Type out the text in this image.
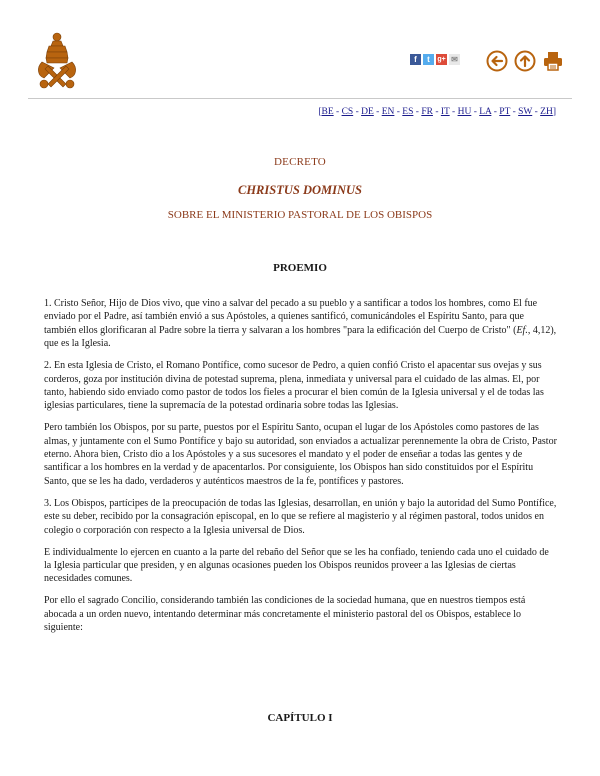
f	t	g+ ✉
[BE - CS - DE - EN - ES - FR - IT - HU - LA - PT - SW - ZH]
DECRETO
CHRISTUS DOMINUS
SOBRE EL MINISTERIO PASTORAL DE LOS OBISPOS
PROEMIO

1. Cristo Señor, Hijo de Dios vivo, que vino a salvar del pecado a su pueblo y a santificar a todos los hombres, como El fue enviado por el Padre, así también envió a sus Apóstoles, a quienes santificó, comunicándoles el Espíritu Santo, para que también ellos glorificaran al Padre sobre la tierra y salvaran a los hombres "para la edificación del Cuerpo de Cristo" (Ef., 4,12), que es la Iglesia.

2. En esta Iglesia de Cristo, el Romano Pontífice, como sucesor de Pedro, a quien confió Cristo el apacentar sus ovejas y sus corderos, goza por institución divina de potestad suprema, plena, inmediata y universal para el cuidado de las almas. El, por tanto, habiendo sido enviado como pastor de todos los fieles a procurar el bien común de la Iglesia universal y el de todas las iglesias particulares, tiene la supremacía de la potestad ordinaria sobre todas las Iglesias.

Pero también los Obispos, por su parte, puestos por el Espíritu Santo, ocupan el lugar de los Apóstoles como pastores de las almas, y juntamente con el Sumo Pontífice y bajo su autoridad, son enviados a actualizar perennemente la obra de Cristo, Pastor eterno. Ahora bien, Cristo dio a los Apóstoles y a sus sucesores el mandato y el poder de enseñar a todas las gentes y de santificar a los hombres en la verdad y de apacentarlos. Por consiguiente, los Obispos han sido constituidos por el Espíritu Santo, que se les ha dado, verdaderos y auténticos maestros de la fe, pontífices y pastores.

3. Los Obispos, partícipes de la preocupación de todas las Iglesias, desarrollan, en unión y bajo la autoridad del Sumo Pontífice, este su deber, recibido por la consagración episcopal, en lo que se refiere al magisterio y al régimen pastoral, todos unidos en colegio o corporación con respecto a la Iglesia universal de Dios.

E individualmente lo ejercen en cuanto a la parte del rebaño del Señor que se les ha confiado, teniendo cada uno el cuidado de la Iglesia particular que presiden, y en algunas ocasiones pueden los Obispos reunidos proveer a las Iglesias de ciertas necesidades comunes.

Por ello el sagrado Concilio, considerando también las condiciones de la sociedad humana, que en nuestros tiempos está abocada a un orden nuevo, intentando determinar más concretamente el ministerio pastoral del os Obispos, establece lo siguiente:

CAPÍTULO I
